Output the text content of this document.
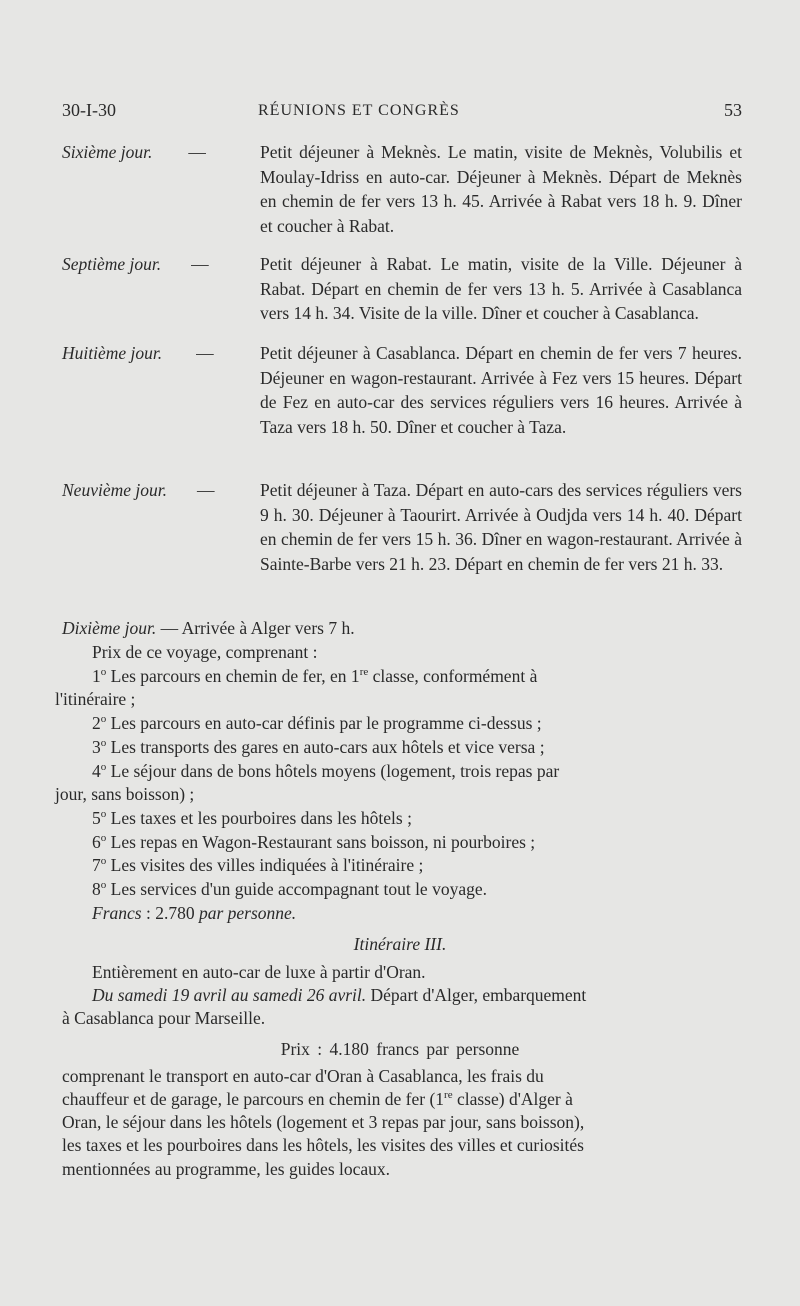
30-I-30	RÉUNIONS ET CONGRÈS	53
Sixième jour. —	Petit déjeuner à Meknès. Le matin, visite de Meknès, Volubilis et Moulay-Idriss en auto-car. Déjeuner à Meknès. Départ de Meknès en chemin de fer vers 13 h. 45. Arrivée à Rabat vers 18 h. 9. Dîner et coucher à Rabat.
Septième jour. —	Petit déjeuner à Rabat. Le matin, visite de la Ville. Déjeuner à Rabat. Départ en chemin de fer vers 13 h. 5. Arrivée à Casablanca vers 14 h. 34. Visite de la ville. Dîner et coucher à Casablanca.
Huitième jour. —	Petit déjeuner à Casablanca. Départ en chemin de fer vers 7 heures. Déjeuner en wagon-restaurant. Arrivée à Fez vers 15 heures. Départ de Fez en auto-car des services réguliers vers 16 heures. Arrivée à Taza vers 18 h. 50. Dîner et coucher à Taza.
Neuvième jour. —	Petit déjeuner à Taza. Départ en auto-cars des services réguliers vers 9 h. 30. Déjeuner à Taourirt. Arrivée à Oudjda vers 14 h. 40. Départ en chemin de fer vers 15 h. 36. Dîner en wagon-restaurant. Arrivée à Sainte-Barbe vers 21 h. 23. Départ en chemin de fer vers 21 h. 33.
Dixième jour. — Arrivée à Alger vers 7 h.
Prix de ce voyage, comprenant :
1$^o$ Les parcours en chemin de fer, en 1re classe, conformément à
l'itinéraire ;
2$^o$ Les parcours en auto-car définis par le programme ci-dessus ;
3$^o$ Les transports des gares en auto-cars aux hôtels et vice versa ;
4$^o$ Le séjour dans de bons hôtels moyens (logement, trois repas par
jour, sans boisson) ;
5$^o$ Les taxes et les pourboires dans les hôtels ;
6$^o$ Les repas en Wagon-Restaurant sans boisson, ni pourboires ;
7$^o$ Les visites des villes indiquées à l'itinéraire ;
8$^o$ Les services d'un guide accompagnant tout le voyage.
Francs : 2.780 par personne.
Itinéraire III.
Entièrement en auto-car de luxe à partir d'Oran.
Du samedi 19 avril au samedi 26 avril. Départ d'Alger, embarquement
à Casablanca pour Marseille.
Prix : 4.180 francs par personne
comprenant le transport en auto-car d'Oran à Casablanca, les frais du
chauffeur et de garage, le parcours en chemin de fer (1re classe) d'Alger à
Oran, le séjour dans les hôtels (logement et 3 repas par jour, sans boisson),
les taxes et les pourboires dans les hôtels, les visites des villes et curiosités
mentionnées au programme, les guides locaux.
